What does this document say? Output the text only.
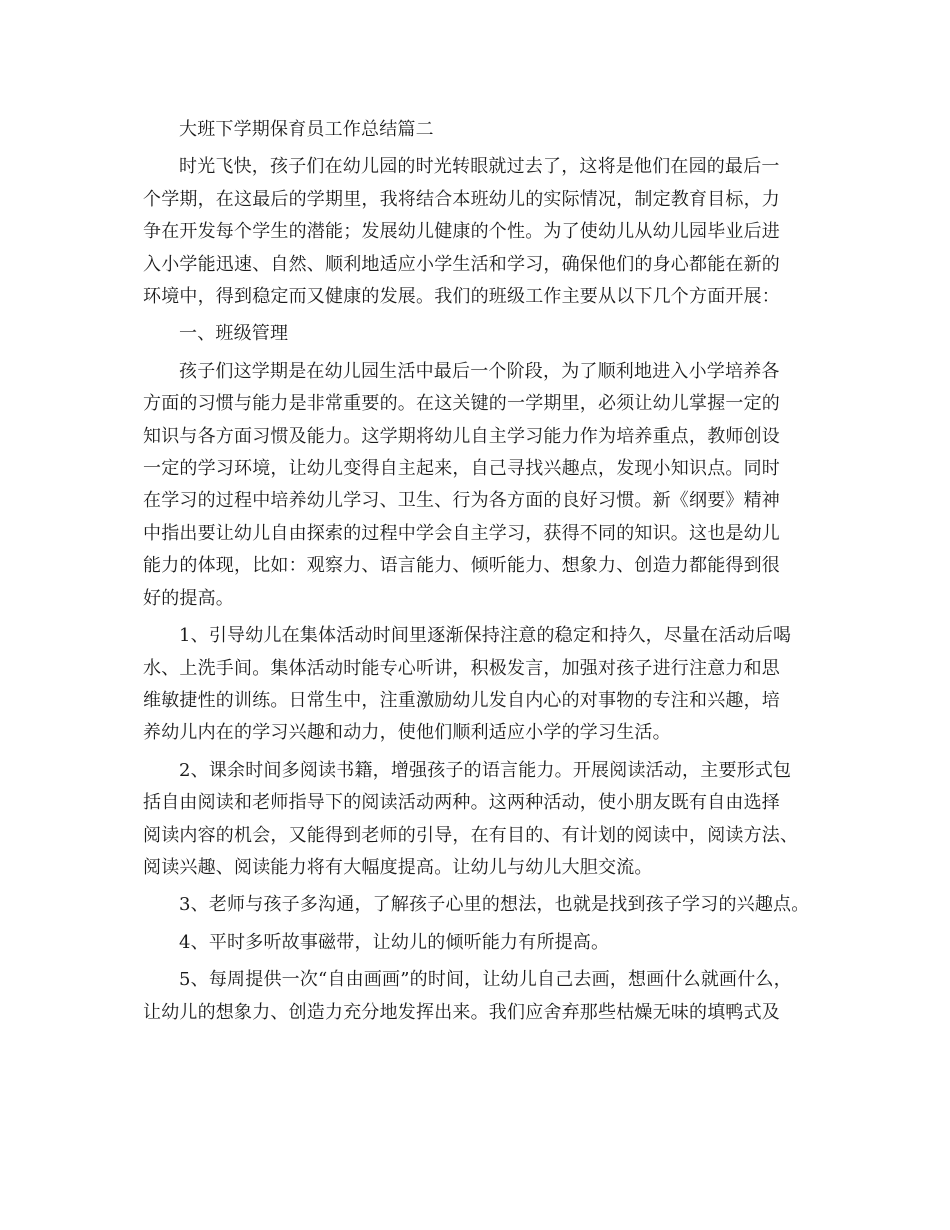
大班下学期保育员工作总结篇二

时光飞快，孩子们在幼儿园的时光转眼就过去了，这将是他们在园的最后一
个学期，在这最后的学期里，我将结合本班幼儿的实际情况，制定教育目标，力
争在开发每个学生的潜能；发展幼儿健康的个性。为了使幼儿从幼儿园毕业后进
入小学能迅速、自然、顺利地适应小学生活和学习，确保他们的身心都能在新的
环境中，得到稳定而又健康的发展。我们的班级工作主要从以下几个方面开展：

一、班级管理

孩子们这学期是在幼儿园生活中最后一个阶段，为了顺利地进入小学培养各
方面的习惯与能力是非常重要的。在这关键的一学期里，必须让幼儿掌握一定的
知识与各方面习惯及能力。这学期将幼儿自主学习能力作为培养重点，教师创设
一定的学习环境，让幼儿变得自主起来，自己寻找兴趣点，发现小知识点。同时
在学习的过程中培养幼儿学习、卫生、行为各方面的良好习惯。新《纲要》精神
中指出要让幼儿自由探索的过程中学会自主学习，获得不同的知识。这也是幼儿
能力的体现，比如：观察力、语言能力、倾听能力、想象力、创造力都能得到很
好的提高。

1、引导幼儿在集体活动时间里逐渐保持注意的稳定和持久，尽量在活动后喝
水、上洗手间。集体活动时能专心听讲，积极发言，加强对孩子进行注意力和思
维敏捷性的训练。日常生中，注重激励幼儿发自内心的对事物的专注和兴趣，培
养幼儿内在的学习兴趣和动力，使他们顺利适应小学的学习生活。

2、课余时间多阅读书籍，增强孩子的语言能力。开展阅读活动，主要形式包
括自由阅读和老师指导下的阅读活动两种。这两种活动，使小朋友既有自由选择
阅读内容的机会，又能得到老师的引导，在有目的、有计划的阅读中，阅读方法、
阅读兴趣、阅读能力将有大幅度提高。让幼儿与幼儿大胆交流。

3、老师与孩子多沟通，了解孩子心里的想法，也就是找到孩子学习的兴趣点。

4、平时多听故事磁带，让幼儿的倾听能力有所提高。

5、每周提供一次“自由画画”的时间，让幼儿自己去画，想画什么就画什么，
让幼儿的想象力、创造力充分地发挥出来。我们应舍弃那些枯燥无味的填鸭式及
